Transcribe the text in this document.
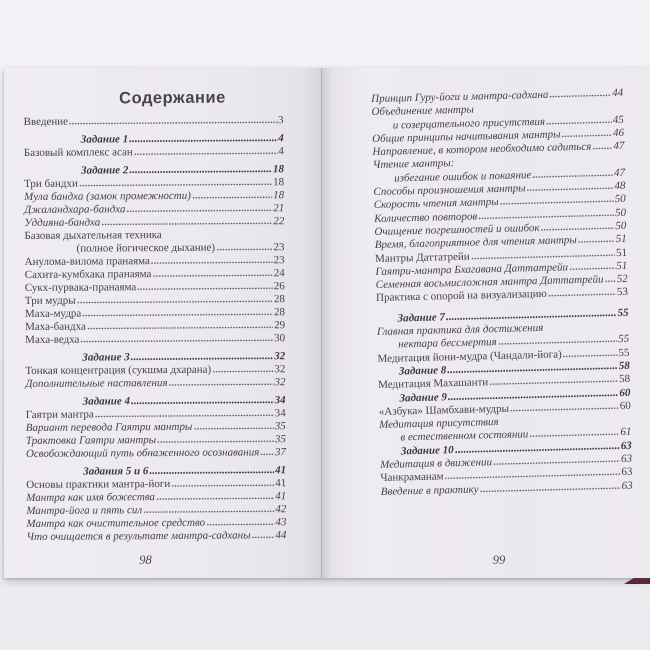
Содержание
Введение	3
Задание 1	4
Базовый комплекс асан	4
Задание 2	18
Три бандхи	18
Мула бандха (замок промежности)	18
Джаландхара-бандха	21
Уддияна-бандха	22
Базовая дыхательная техника
(полное йогическое дыхание)	23
Анулома-вилома пранаяма	23
Сахита-кумбхака пранаяма	24
Сукх-пурвака-пранаяма	26
Три мудры	28
Маха-мудра	28
Маха-бандха	29
Маха-ведха	30
Задание 3	32
Тонкая концентрация (сукшма дхарана)	32
Дополнительные наставления	32
Задание 4	34
Гаятри мантра	34
Вариант перевода Гаятри мантры	35
Трактовка Гаятри мантры	35
Освобождающий путь обнаженного осознавания 37
Задания 5 и 6	41
Основы практики мантра-йоги	41
Мантра как имя божества	41
Мантра-йога и пять сил	42
Мантра как очистительное средство	43
Что очищается в результате мантра-садханы 44
98
Принцип Гуру-йоги и мантра-садхана	44
Объединение мантры
и созерцательного присутствия	45
Общие принципы начитывания мантры	46
Направление, в котором необходимо садиться 47
Чтение мантры:
избегание ошибок и покаяние	47
Способы произношения мантры	48
Скорость чтения мантры	50
Количество повторов	50
Очищение погрешностей и ошибок	50
Время, благоприятное для чтения мантры	51
Мантры Даттатрейи	51
Гаятри-мантра Бхагавана Даттатрейи	51
Семенная восьмисложная мантра Даттатрейи 52
Практика с опорой на визуализацию	53
Задание 7	55
Главная практика для достижения
нектара бессмертия	55
Медитация йони-мудра (Чандали-йога)	55
Задание 8	58
Медитация Махашанти	58
Задание 9	60
«Азбука» Шамбхави-мудры	60
Медитация присутствия
в естественном состоянии	61
Задание 10	63
Медитация в движении	63
Чанкраманам	63
Введение в практику	63
99
